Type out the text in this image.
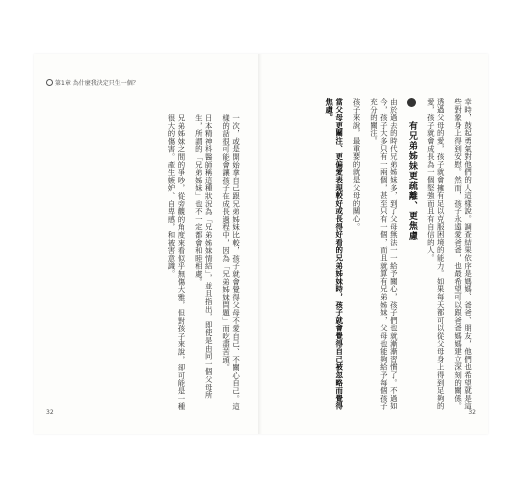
第1章 為什麼我決定只生一個？

一次，或是開始拿自己跟兄弟姊妹比較，孩子就會覺得父母不愛自己、不關心自己。這樣的話很可能會讓孩子在成長過程中，因為「兄弟姊妹問題」而吃盡苦頭。

日本精神科醫師稱這種狀況為「兄弟姊妹情結」，並且指出，即使是由同一個父母所生，所謂的「兄弟姊妹」也不一定都會和睦相處。

兄弟姊妹之間的爭吵，從旁觀的角度來看似乎無傷大雅，但對孩子來說，卻可能是一種很大的傷害。產生嫉妒、自卑感，和被害意識。

32

幸時，鼓起勇氣對他們的人這樣說。調查結果依序是媽媽、爸爸、朋友，他們也希望就是這些對象身上得到安慰。然而，孩子永遠愛爸爸，也最希望可以跟爸爸媽媽建立深刻的關係。

透過父母的愛，孩子就會擁有足以克服困境的能力。如果每天都可以從父母身上得到足夠的愛，孩子就會成長為一個堅強而且有自信的人。

有兄弟姊妹更疏離、更焦慮

由於過去的時代兄弟姊妹多，到了父母無法一一給予關心，孩子們也就漸漸習慣了。不過如今，孩子大多只有一兩個，甚至只有一個，而且就算有兄弟姊妹，父母也能夠給予每個孩子充分的關注。

孩子來說，最重要的就是父母的關心。

當父母更關注、更偏愛表現較好或長得好看的兄弟姊妹時，孩子就會覺得自己被忽略而覺得焦慮。

32
